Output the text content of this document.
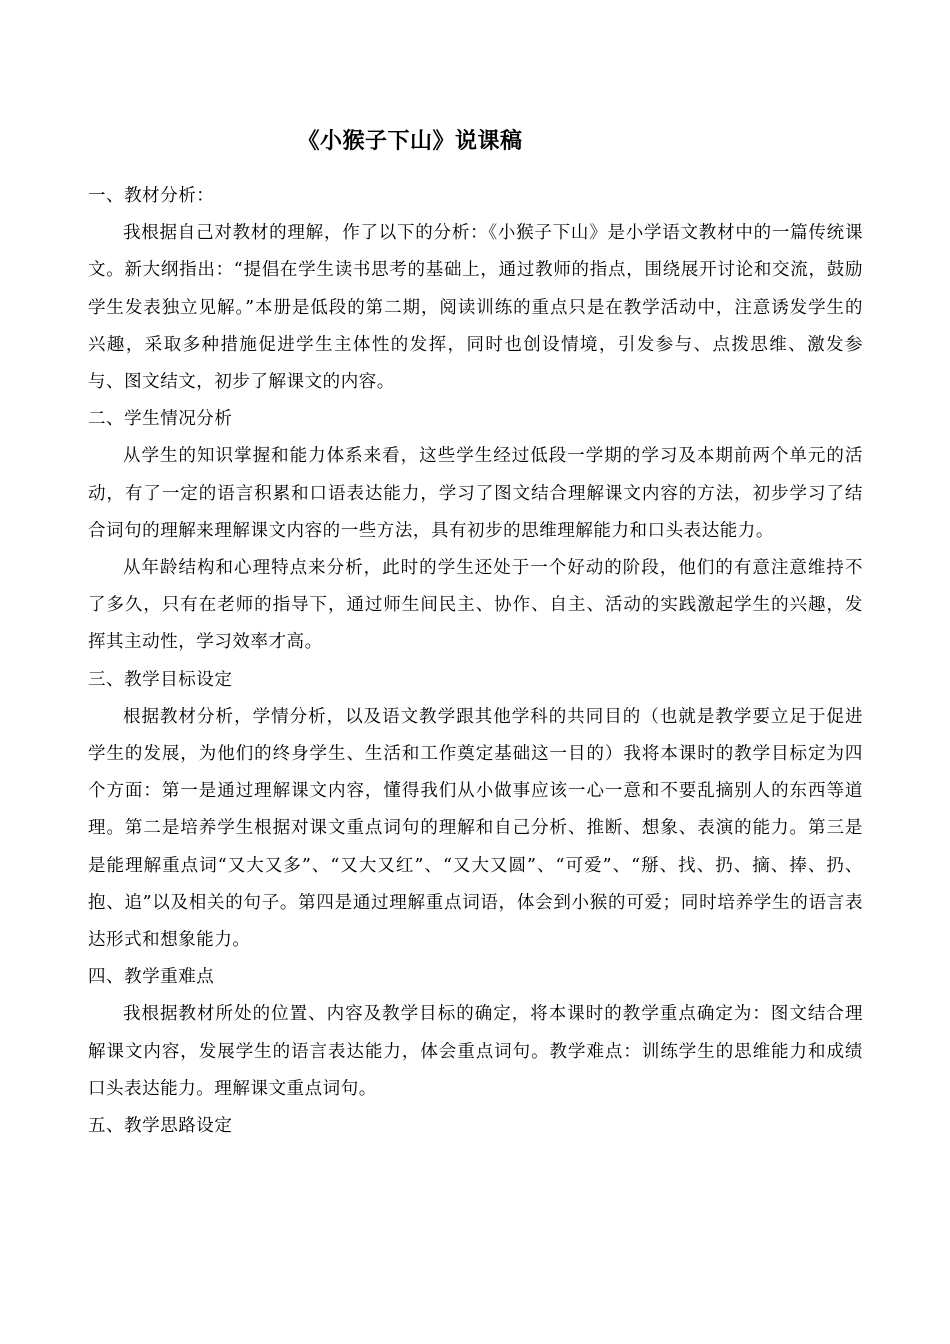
《小猴子下山》说课稿

一、教材分析：

我根据自己对教材的理解，作了以下的分析：《小猴子下山》是小学语文教材中的一篇传统课文。新大纲指出：“提倡在学生读书思考的基础上，通过教师的指点，围绕展开讨论和交流，鼓励学生发表独立见解。”本册是低段的第二期，阅读训练的重点只是在教学活动中，注意诱发学生的兴趣，采取多种措施促进学生主体性的发挥，同时也创设情境，引发参与、点拨思维、激发参与、图文结文，初步了解课文的内容。

二、学生情况分析

从学生的知识掌握和能力体系来看，这些学生经过低段一学期的学习及本期前两个单元的活动，有了一定的语言积累和口语表达能力，学习了图文结合理解课文内容的方法，初步学习了结合词句的理解来理解课文内容的一些方法，具有初步的思维理解能力和口头表达能力。

从年龄结构和心理特点来分析，此时的学生还处于一个好动的阶段，他们的有意注意维持不了多久，只有在老师的指导下，通过师生间民主、协作、自主、活动的实践激起学生的兴趣，发挥其主动性，学习效率才高。

三、教学目标设定

根据教材分析，学情分析，以及语文教学跟其他学科的共同目的（也就是教学要立足于促进学生的发展，为他们的终身学生、生活和工作奠定基础这一目的）我将本课时的教学目标定为四个方面：第一是通过理解课文内容，懂得我们从小做事应该一心一意和不要乱摘别人的东西等道理。第二是培养学生根据对课文重点词句的理解和自己分析、推断、想象、表演的能力。第三是是能理解重点词“又大又多”、“又大又红”、“又大又圆”、“可爱”、“掰、找、扔、摘、捧、扔、抱、追”以及相关的句子。第四是通过理解重点词语，体会到小猴的可爱；同时培养学生的语言表达形式和想象能力。

四、教学重难点

我根据教材所处的位置、内容及教学目标的确定，将本课时的教学重点确定为：图文结合理解课文内容，发展学生的语言表达能力，体会重点词句。教学难点：训练学生的思维能力和成绩口头表达能力。理解课文重点词句。

五、教学思路设定
